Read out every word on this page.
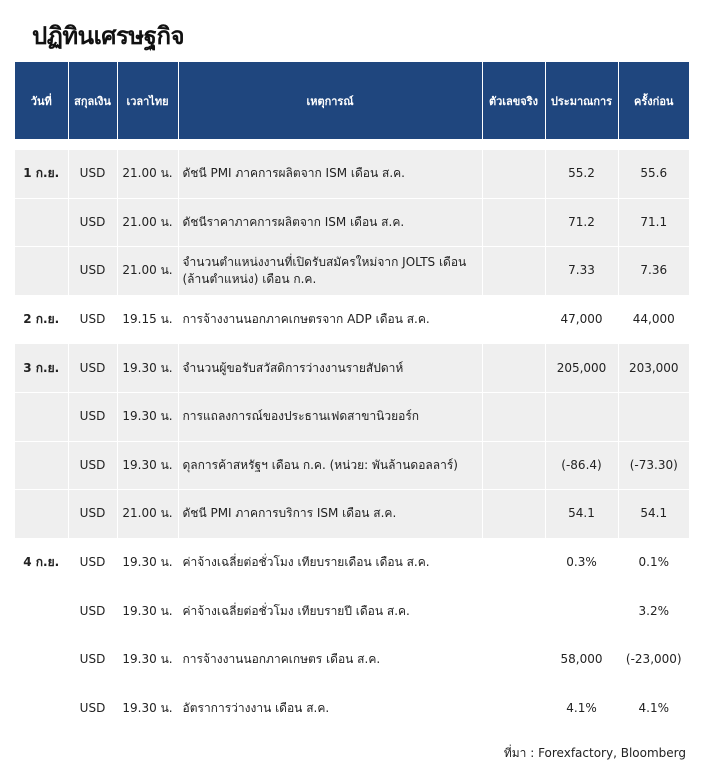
ปฏิทินเศรษฐกิจ
วันที่	สกุลเงิน	เวลาไทย	เหตุการณ์	ตัวเลขจริง	ประมาณการ	ครั้งก่อน

1 ก.ย.	USD	21.00 น.	ดัชนี PMI ภาคการผลิตจาก ISM เดือน ส.ค.		55.2	55.6
	USD	21.00 น.	ดัชนีราคาภาคการผลิตจาก ISM เดือน ส.ค.		71.2	71.1
	USD	21.00 น.	จำนวนตำแหน่งงานที่เปิดรับสมัครใหม่จาก JOLTS เดือน (ล้านตำแหน่ง) เดือน ก.ค.		7.33	7.36
2 ก.ย.	USD	19.15 น.	การจ้างงานนอกภาคเกษตรจาก ADP เดือน ส.ค.		47,000	44,000
3 ก.ย.	USD	19.30 น.	จำนวนผู้ขอรับสวัสดิการว่างงานรายสัปดาห์		205,000	203,000
	USD	19.30 น.	การแถลงการณ์ของประธานเฟดสาขานิวยอร์ก			
	USD	19.30 น.	ดุลการค้าสหรัฐฯ เดือน ก.ค. (หน่วย: พันล้านดอลลาร์)		(-86.4)	(-73.30)
	USD	21.00 น.	ดัชนี PMI ภาคการบริการ ISM เดือน ส.ค.		54.1	54.1
4 ก.ย.	USD	19.30 น.	ค่าจ้างเฉลี่ยต่อชั่วโมง เทียบรายเดือน เดือน ส.ค.		0.3%	0.1%
	USD	19.30 น.	ค่าจ้างเฉลี่ยต่อชั่วโมง เทียบรายปี เดือน ส.ค.			3.2%
	USD	19.30 น.	การจ้างงานนอกภาคเกษตร เดือน ส.ค.		58,000	(-23,000)
	USD	19.30 น.	อัตราการว่างงาน เดือน ส.ค.		4.1%	4.1%
ที่มา : Forexfactory, Bloomberg
